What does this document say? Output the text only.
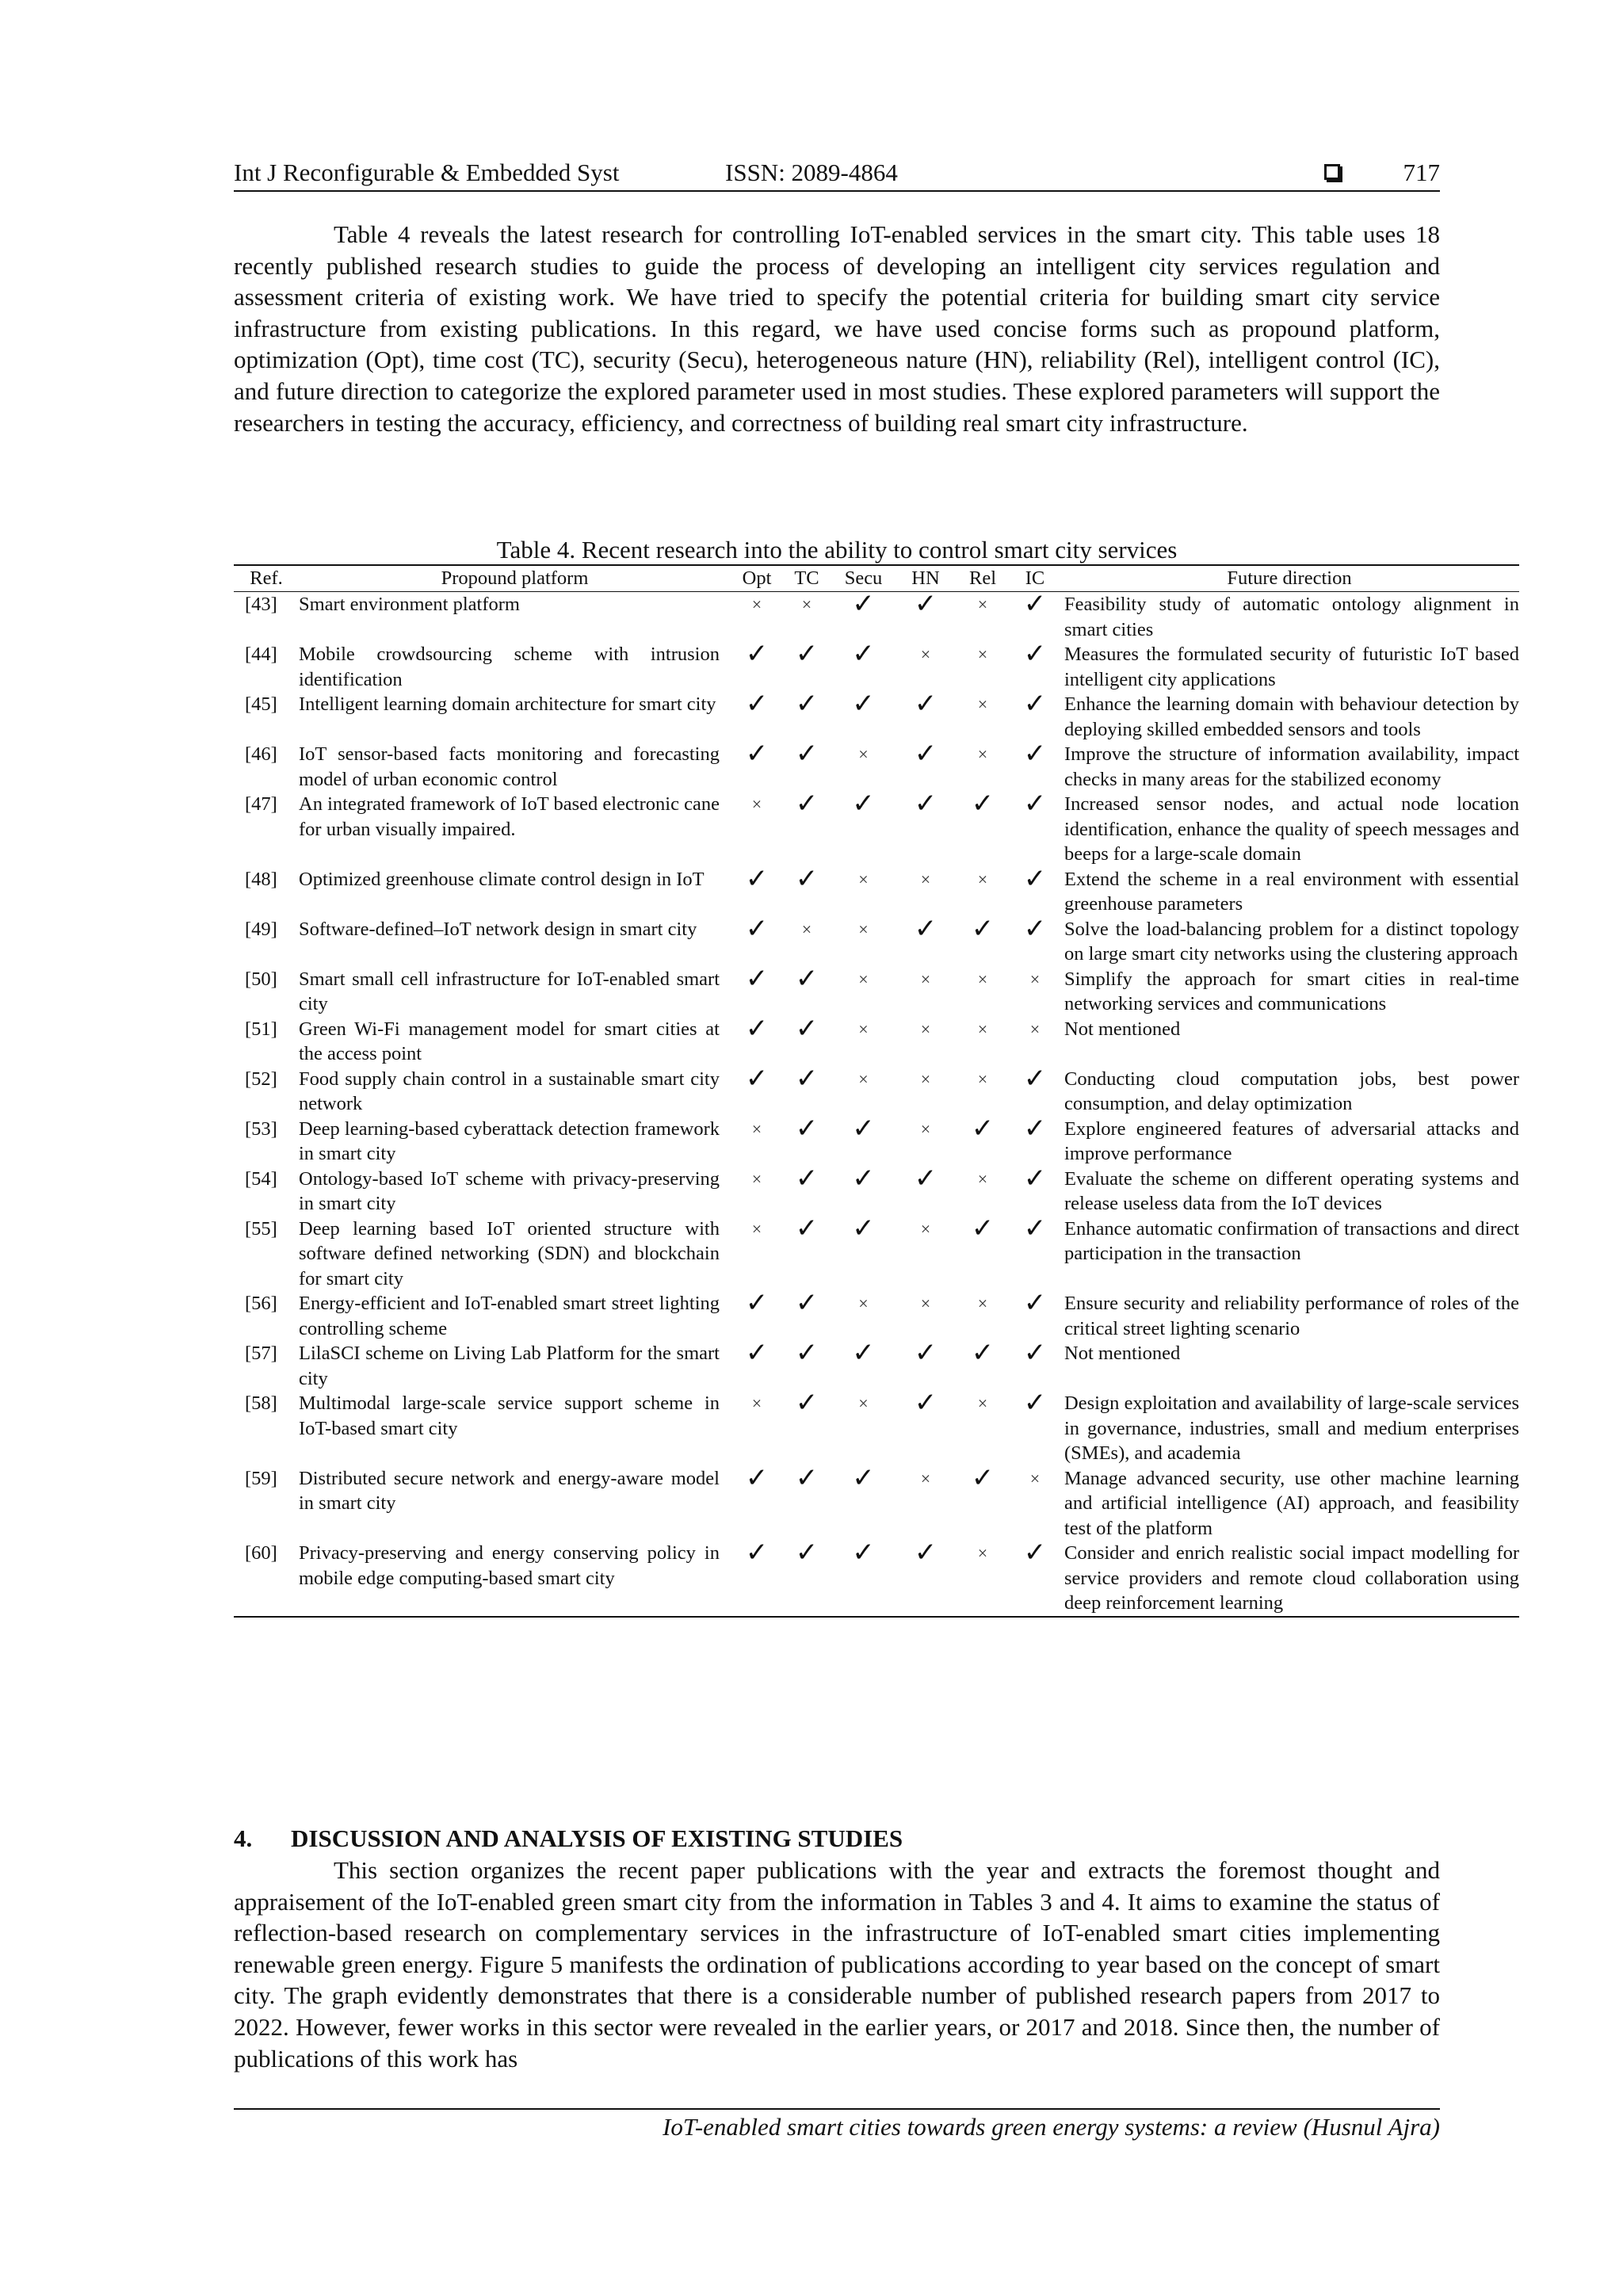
Int J Reconfigurable & Embedded Syst	ISSN: 2089-4864	717

Table 4 reveals the latest research for controlling IoT-enabled services in the smart city. This table uses 18 recently published research studies to guide the process of developing an intelligent city services regulation and assessment criteria of existing work. We have tried to specify the potential criteria for building smart city service infrastructure from existing publications. In this regard, we have used concise forms such as propound platform, optimization (Opt), time cost (TC), security (Secu), heterogeneous nature (HN), reliability (Rel), intelligent control (IC), and future direction to categorize the explored parameter used in most studies. These explored parameters will support the researchers in testing the accuracy, efficiency, and correctness of building real smart city infrastructure.

Table 4. Recent research into the ability to control smart city services
Ref.	Propound platform	Opt	TC	Secu	HN	Rel	IC	Future direction
[43]	Smart environment platform	×	×	✓	✓	×	✓	Feasibility study of automatic ontology alignment in smart cities
[44]	Mobile crowdsourcing scheme with intrusion identification	✓	✓	✓	×	×	✓	Measures the formulated security of futuristic IoT based intelligent city applications
[45]	Intelligent learning domain architecture for smart city	✓	✓	✓	✓	×	✓	Enhance the learning domain with behaviour detection by deploying skilled embedded sensors and tools
[46]	IoT sensor-based facts monitoring and forecasting model of urban economic control	✓	✓	×	✓	×	✓	Improve the structure of information availability, impact checks in many areas for the stabilized economy
[47]	An integrated framework of IoT based electronic cane for urban visually impaired.	×	✓	✓	✓	✓	✓	Increased sensor nodes, and actual node location identification, enhance the quality of speech messages and beeps for a large-scale domain
[48]	Optimized greenhouse climate control design in IoT	✓	✓	×	×	×	✓	Extend the scheme in a real environment with essential greenhouse parameters
[49]	Software-defined–IoT network design in smart city	✓	×	×	✓	✓	✓	Solve the load-balancing problem for a distinct topology on large smart city networks using the clustering approach
[50]	Smart small cell infrastructure for IoT-enabled smart city	✓	✓	×	×	×	×	Simplify the approach for smart cities in real-time networking services and communications
[51]	Green Wi-Fi management model for smart cities at the access point	✓	✓	×	×	×	×	Not mentioned
[52]	Food supply chain control in a sustainable smart city network	✓	✓	×	×	×	✓	Conducting cloud computation jobs, best power consumption, and delay optimization
[53]	Deep learning-based cyberattack detection framework in smart city	×	✓	✓	×	✓	✓	Explore engineered features of adversarial attacks and improve performance
[54]	Ontology-based IoT scheme with privacy-preserving in smart city	×	✓	✓	✓	×	✓	Evaluate the scheme on different operating systems and release useless data from the IoT devices
[55]	Deep learning based IoT oriented structure with software defined networking (SDN) and blockchain for smart city	×	✓	✓	×	✓	✓	Enhance automatic confirmation of transactions and direct participation in the transaction
[56]	Energy-efficient and IoT-enabled smart street lighting controlling scheme	✓	✓	×	×	×	✓	Ensure security and reliability performance of roles of the critical street lighting scenario
[57]	LilaSCI scheme on Living Lab Platform for the smart city	✓	✓	✓	✓	✓	✓	Not mentioned
[58]	Multimodal large-scale service support scheme in IoT-based smart city	×	✓	×	✓	×	✓	Design exploitation and availability of large-scale services in governance, industries, small and medium enterprises (SMEs), and academia
[59]	Distributed secure network and energy-aware model in smart city	✓	✓	✓	×	✓	×	Manage advanced security, use other machine learning and artificial intelligence (AI) approach, and feasibility test of the platform
[60]	Privacy-preserving and energy conserving policy in mobile edge computing-based smart city	✓	✓	✓	✓	×	✓	Consider and enrich realistic social impact modelling for service providers and remote cloud collaboration using deep reinforcement learning
4. DISCUSSION AND ANALYSIS OF EXISTING STUDIES

This section organizes the recent paper publications with the year and extracts the foremost thought and appraisement of the IoT-enabled green smart city from the information in Tables 3 and 4. It aims to examine the status of reflection-based research on complementary services in the infrastructure of IoT-enabled smart cities implementing renewable green energy. Figure 5 manifests the ordination of publications according to year based on the concept of smart city. The graph evidently demonstrates that there is a considerable number of published research papers from 2017 to 2022. However, fewer works in this sector were revealed in the earlier years, or 2017 and 2018. Since then, the number of publications of this work has

IoT-enabled smart cities towards green energy systems: a review (Husnul Ajra)
